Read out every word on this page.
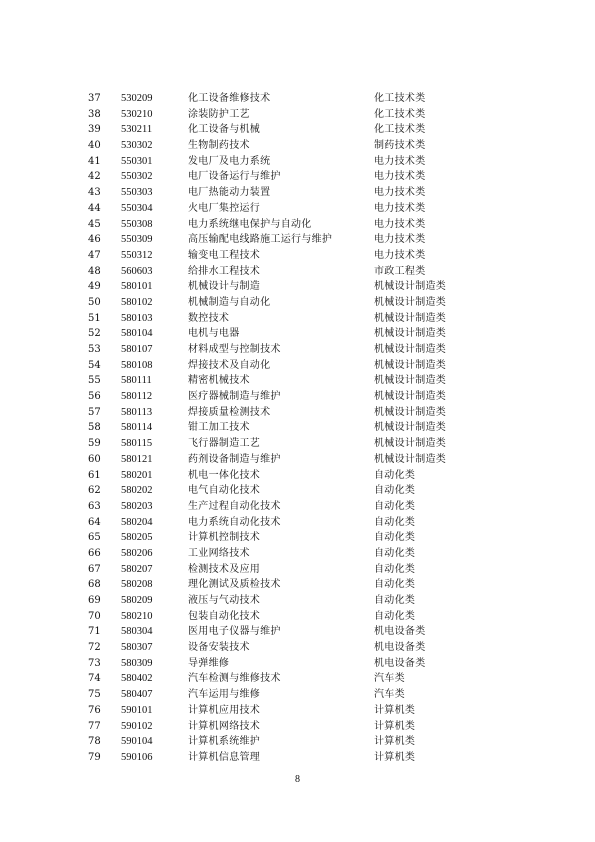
37	530209	化工设备维修技术	化工技术类
38	530210	涂装防护工艺	化工技术类
39	530211	化工设备与机械	化工技术类
40	530302	生物制药技术	制药技术类
41	550301	发电厂及电力系统	电力技术类
42	550302	电厂设备运行与维护	电力技术类
43	550303	电厂热能动力装置	电力技术类
44	550304	火电厂集控运行	电力技术类
45	550308	电力系统继电保护与自动化	电力技术类
46	550309	高压输配电线路施工运行与维护	电力技术类
47	550312	输变电工程技术	电力技术类
48	560603	给排水工程技术	市政工程类
49	580101	机械设计与制造	机械设计制造类
50	580102	机械制造与自动化	机械设计制造类
51	580103	数控技术	机械设计制造类
52	580104	电机与电器	机械设计制造类
53	580107	材料成型与控制技术	机械设计制造类
54	580108	焊接技术及自动化	机械设计制造类
55	580111	精密机械技术	机械设计制造类
56	580112	医疗器械制造与维护	机械设计制造类
57	580113	焊接质量检测技术	机械设计制造类
58	580114	钳工加工技术	机械设计制造类
59	580115	飞行器制造工艺	机械设计制造类
60	580121	药剂设备制造与维护	机械设计制造类
61	580201	机电一体化技术	自动化类
62	580202	电气自动化技术	自动化类
63	580203	生产过程自动化技术	自动化类
64	580204	电力系统自动化技术	自动化类
65	580205	计算机控制技术	自动化类
66	580206	工业网络技术	自动化类
67	580207	检测技术及应用	自动化类
68	580208	理化测试及质检技术	自动化类
69	580209	液压与气动技术	自动化类
70	580210	包装自动化技术	自动化类
71	580304	医用电子仪器与维护	机电设备类
72	580307	设备安装技术	机电设备类
73	580309	导弹维修	机电设备类
74	580402	汽车检测与维修技术	汽车类
75	580407	汽车运用与维修	汽车类
76	590101	计算机应用技术	计算机类
77	590102	计算机网络技术	计算机类
78	590104	计算机系统维护	计算机类
79	590106	计算机信息管理	计算机类
8
